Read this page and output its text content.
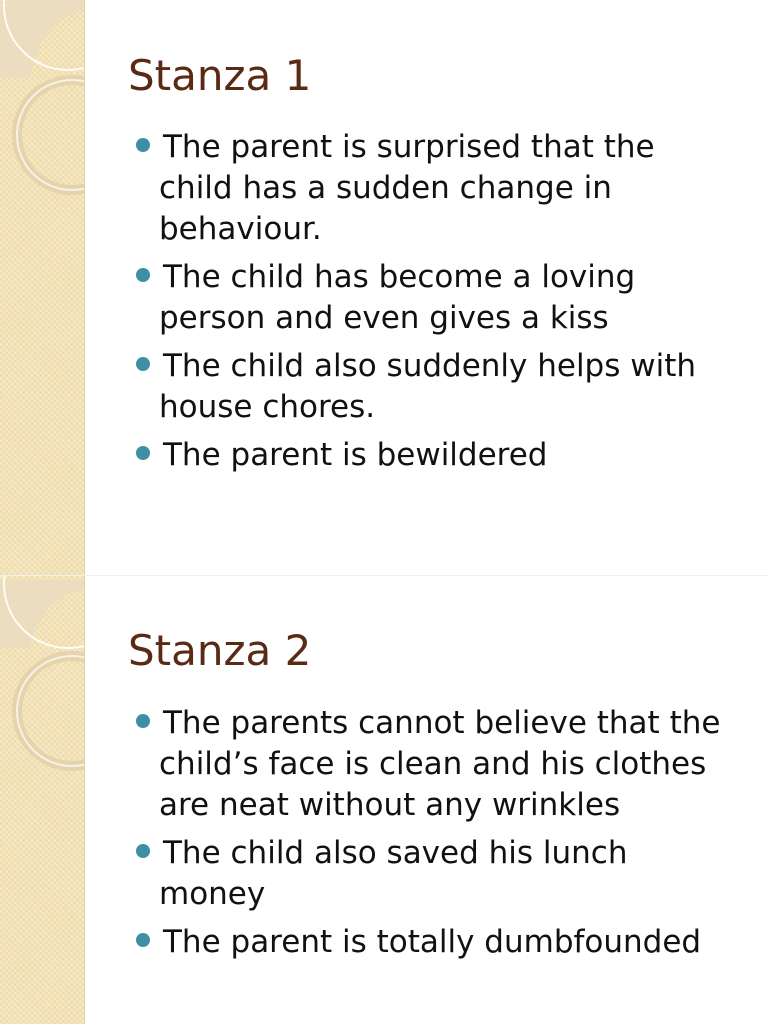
Stanza 1
The parent is surprised that the child has a sudden change in behaviour.
The child has become a loving person and even gives a kiss
The child also suddenly helps with house chores.
The parent is bewildered
Stanza 2
The parents cannot believe that the child’s face is clean and his clothes are neat without any wrinkles
The child also saved his lunch money
The parent is totally dumbfounded
